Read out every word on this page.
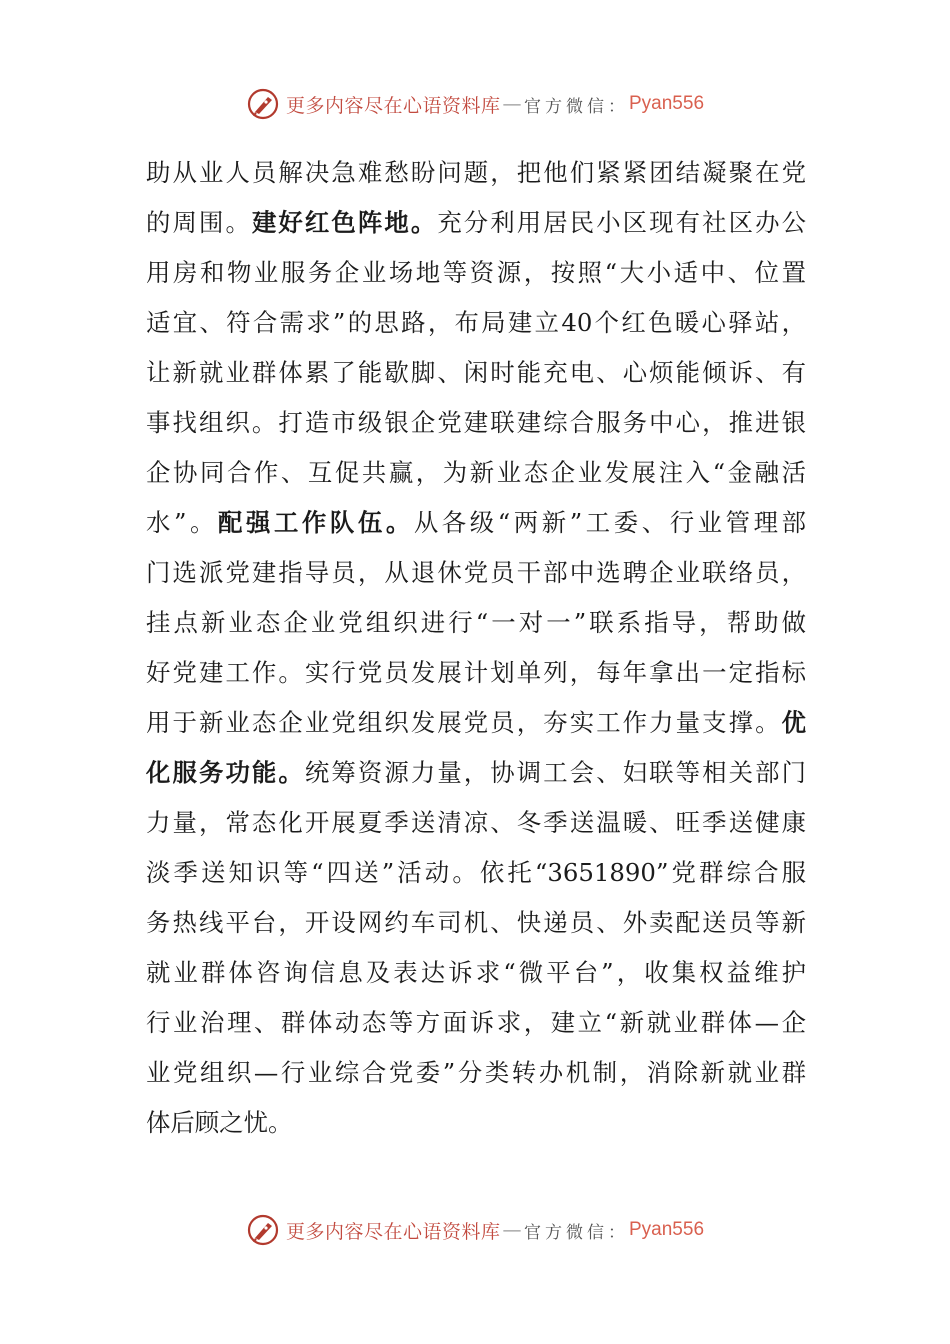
更多内容尽在心语资料库 — 官方微信： Pyan556
助从业人员解决急难愁盼问题，把他们紧紧团结凝聚在党
的周围。建好红色阵地。充分利用居民小区现有社区办公
用房和物业服务企业场地等资源，按照“大小适中、位置
适宜、符合需求”的思路，布局建立40个红色暖心驿站，
让新就业群体累了能歇脚、闲时能充电、心烦能倾诉、有
事找组织。打造市级银企党建联建综合服务中心，推进银
企协同合作、互促共赢，为新业态企业发展注入“金融活
水”。配强工作队伍。从各级“两新”工委、行业管理部
门选派党建指导员，从退休党员干部中选聘企业联络员，
挂点新业态企业党组织进行“一对一”联系指导，帮助做
好党建工作。实行党员发展计划单列，每年拿出一定指标
用于新业态企业党组织发展党员，夯实工作力量支撑。优
化服务功能。统筹资源力量，协调工会、妇联等相关部门
力量，常态化开展夏季送清凉、冬季送温暖、旺季送健康
淡季送知识等“四送”活动。依托“3651890”党群综合服
务热线平台，开设网约车司机、快递员、外卖配送员等新
就业群体咨询信息及表达诉求“微平台”，收集权益维护
行业治理、群体动态等方面诉求，建立“新就业群体—企
业党组织—行业综合党委”分类转办机制，消除新就业群
体后顾之忧。
更多内容尽在心语资料库 — 官方微信： Pyan556
